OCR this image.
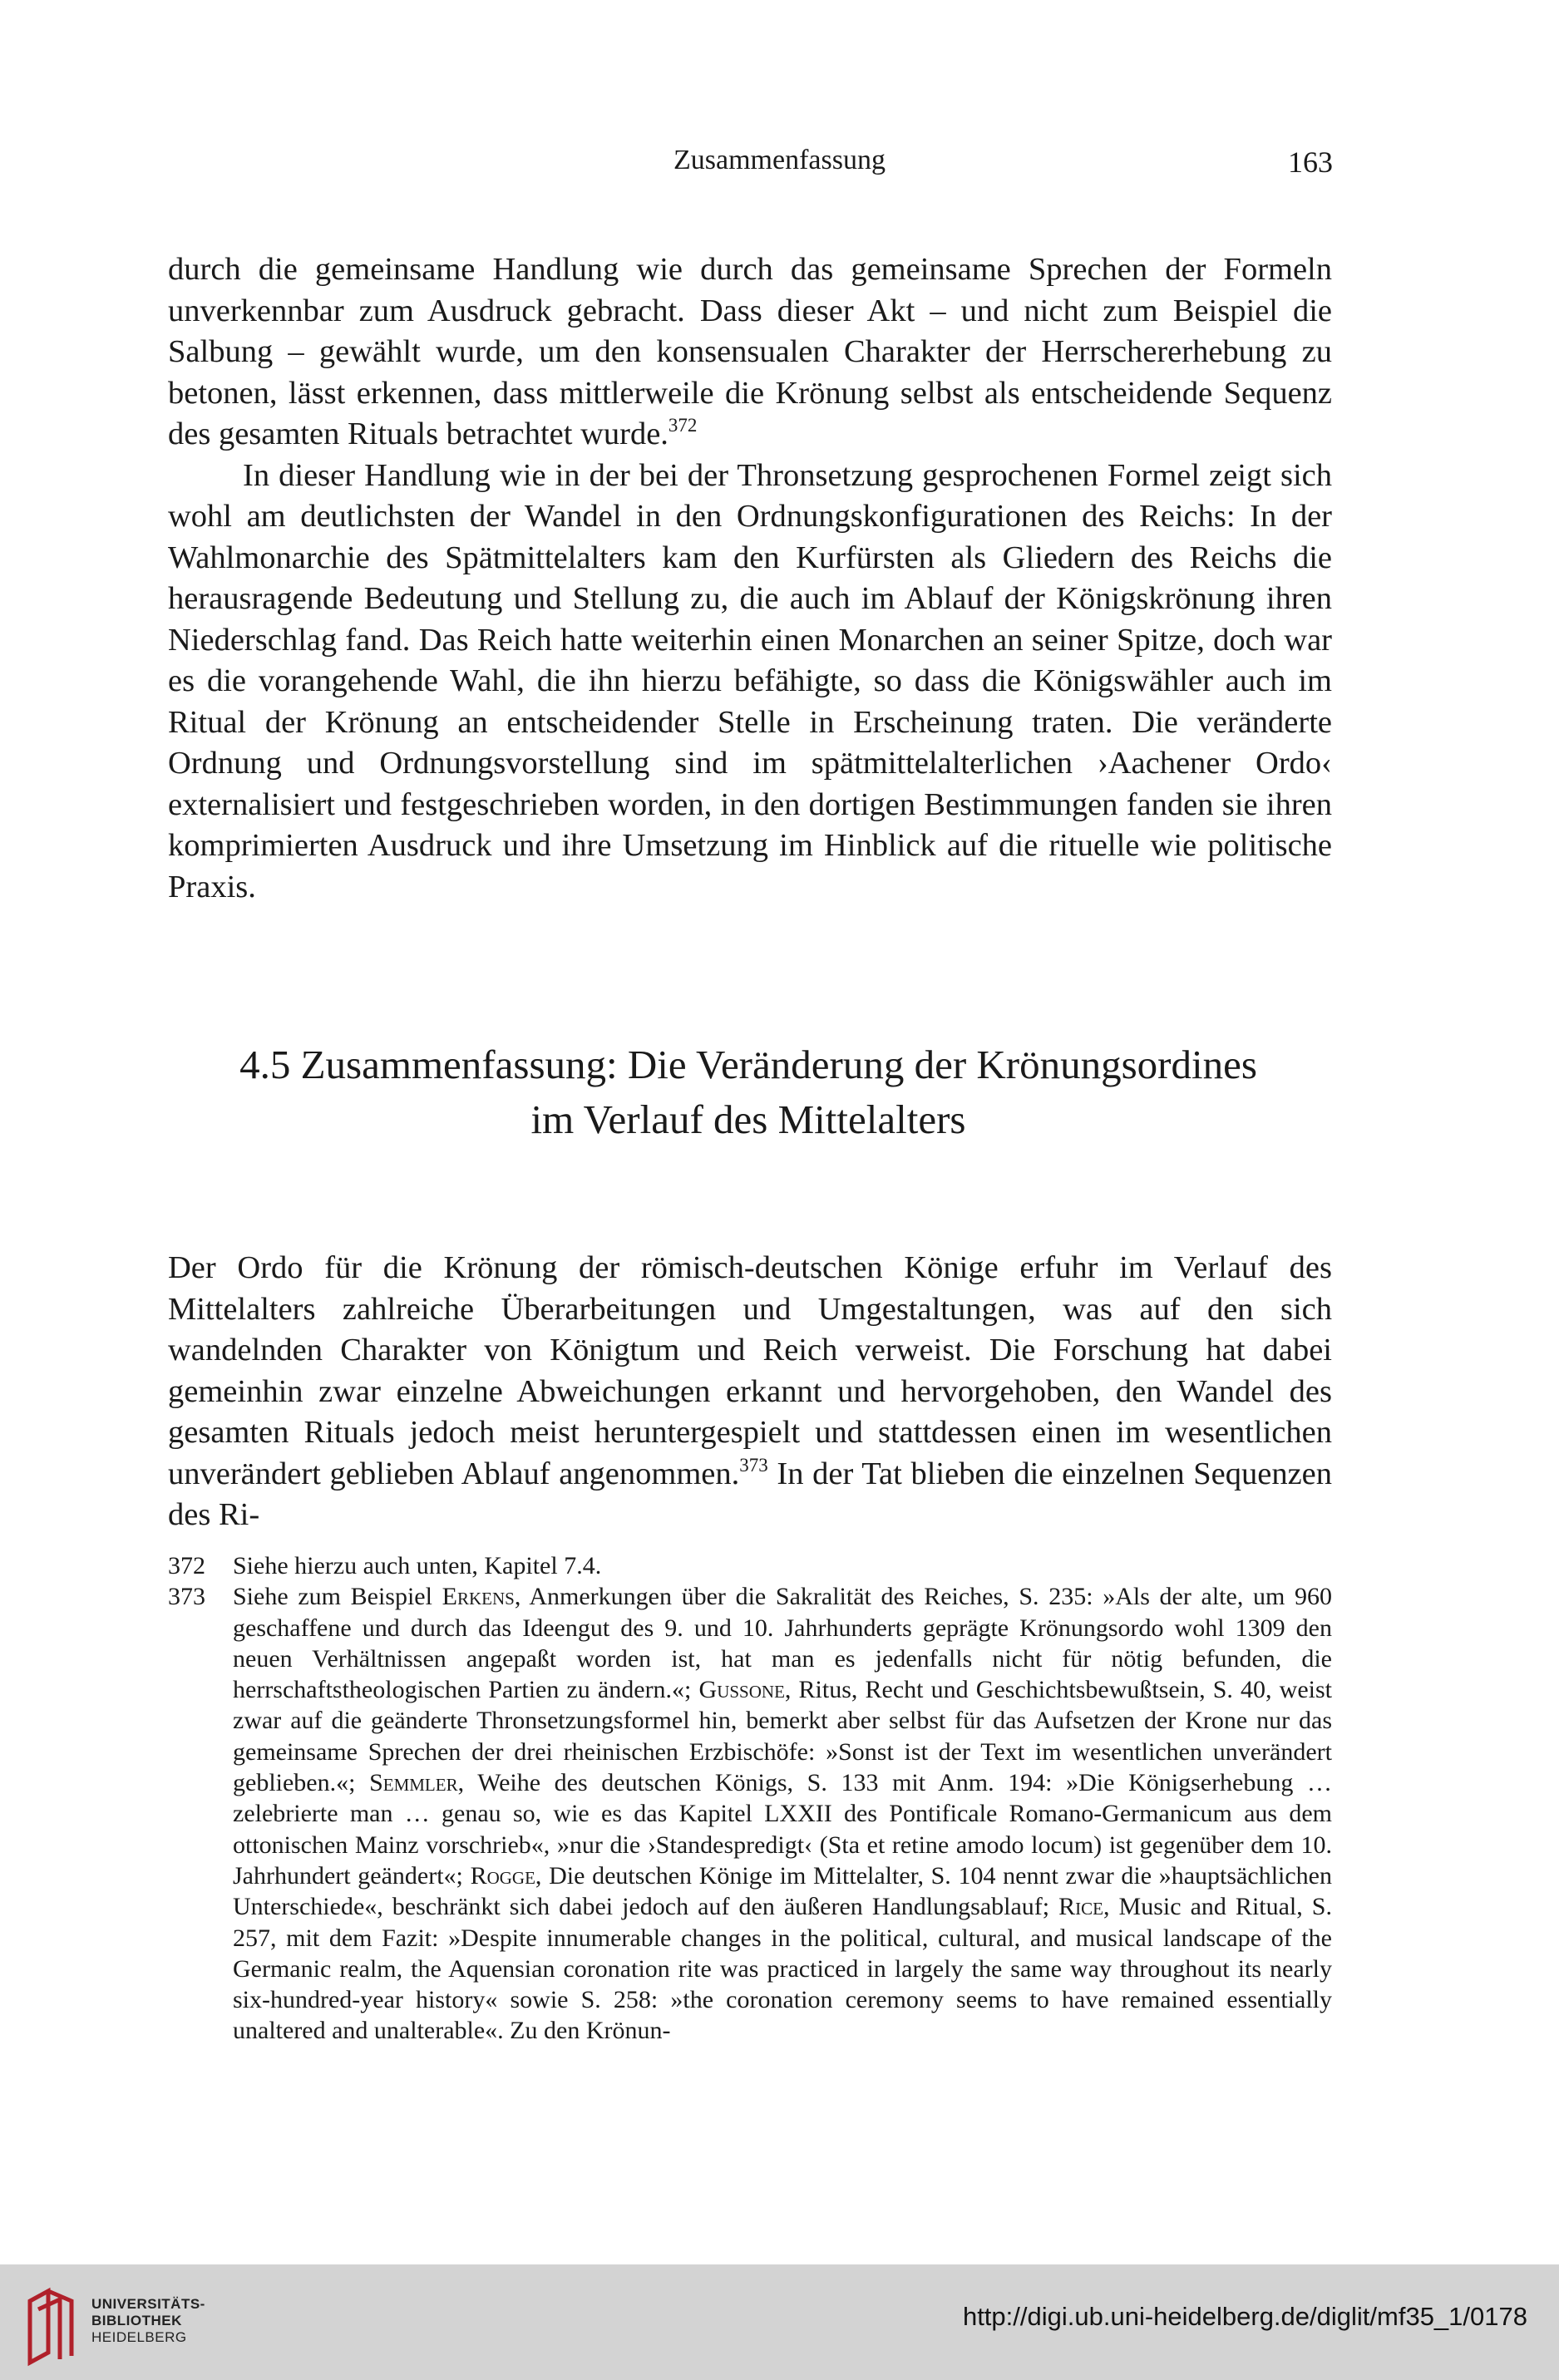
Zusammenfassung	163

durch die gemeinsame Handlung wie durch das gemeinsame Sprechen der Formeln unverkennbar zum Ausdruck gebracht. Dass dieser Akt – und nicht zum Beispiel die Salbung – gewählt wurde, um den konsensualen Charakter der Herrschererhebung zu betonen, lässt erkennen, dass mittlerweile die Krönung selbst als entscheidende Sequenz des gesamten Rituals betrachtet wurde.$^{372}$

In dieser Handlung wie in der bei der Thronsetzung gesprochenen Formel zeigt sich wohl am deutlichsten der Wandel in den Ordnungskonfigurationen des Reichs: In der Wahlmonarchie des Spätmittelalters kam den Kurfürsten als Gliedern des Reichs die herausragende Bedeutung und Stellung zu, die auch im Ablauf der Königskrönung ihren Niederschlag fand. Das Reich hatte weiterhin einen Monarchen an seiner Spitze, doch war es die vorangehende Wahl, die ihn hierzu befähigte, so dass die Königswähler auch im Ritual der Krönung an entscheidender Stelle in Erscheinung traten. Die veränderte Ordnung und Ordnungsvorstellung sind im spätmittelalterlichen ›Aachener Ordo‹ externalisiert und festgeschrieben worden, in den dortigen Bestimmungen fanden sie ihren komprimierten Ausdruck und ihre Umsetzung im Hinblick auf die rituelle wie politische Praxis.

4.5 Zusammenfassung: Die Veränderung der Krönungsordines
im Verlauf des Mittelalters

Der Ordo für die Krönung der römisch-deutschen Könige erfuhr im Verlauf des Mittelalters zahlreiche Überarbeitungen und Umgestaltungen, was auf den sich wandelnden Charakter von Königtum und Reich verweist. Die Forschung hat dabei gemeinhin zwar einzelne Abweichungen erkannt und hervorgehoben, den Wandel des gesamten Rituals jedoch meist heruntergespielt und stattdessen einen im wesentlichen unverändert geblieben Ablauf angenommen.$^{373}$ In der Tat blieben die einzelnen Sequenzen des Ri-

372	Siehe hierzu auch unten, Kapitel 7.4.
373	Siehe zum Beispiel Erkens, Anmerkungen über die Sakralität des Reiches, S. 235: »Als der alte, um 960 geschaffene und durch das Ideengut des 9. und 10. Jahrhunderts geprägte Krönungsordo wohl 1309 den neuen Verhältnissen angepaßt worden ist, hat man es jedenfalls nicht für nötig befunden, die herrschaftstheologischen Partien zu ändern.«; Gussone, Ritus, Recht und Geschichtsbewußtsein, S. 40, weist zwar auf die geänderte Thronsetzungsformel hin, bemerkt aber selbst für das Aufsetzen der Krone nur das gemeinsame Sprechen der drei rheinischen Erzbischöfe: »Sonst ist der Text im wesentlichen unverändert geblieben.«; Semmler, Weihe des deutschen Königs, S. 133 mit Anm. 194: »Die Königserhebung … zelebrierte man … genau so, wie es das Kapitel LXXII des Pontificale Romano-Germanicum aus dem ottonischen Mainz vorschrieb«, »nur die ›Standespredigt‹ (Sta et retine amodo locum) ist gegenüber dem 10. Jahrhundert geändert«; Rogge, Die deutschen Könige im Mittelalter, S. 104 nennt zwar die »hauptsächlichen Unterschiede«, beschränkt sich dabei jedoch auf den äußeren Handlungsablauf; Rice, Music and Ritual, S. 257, mit dem Fazit: »Despite innumerable changes in the political, cultural, and musical landscape of the Germanic realm, the Aquensian coronation rite was practiced in largely the same way throughout its nearly six-hundred-year history« sowie S. 258: »the coronation ceremony seems to have remained essentially unaltered and unalterable«. Zu den Krönun-
UNIVERSITÄTS-
BIBLIOTHEK
HEIDELBERG
http://digi.ub.uni-heidelberg.de/diglit/mf35_1/0178
